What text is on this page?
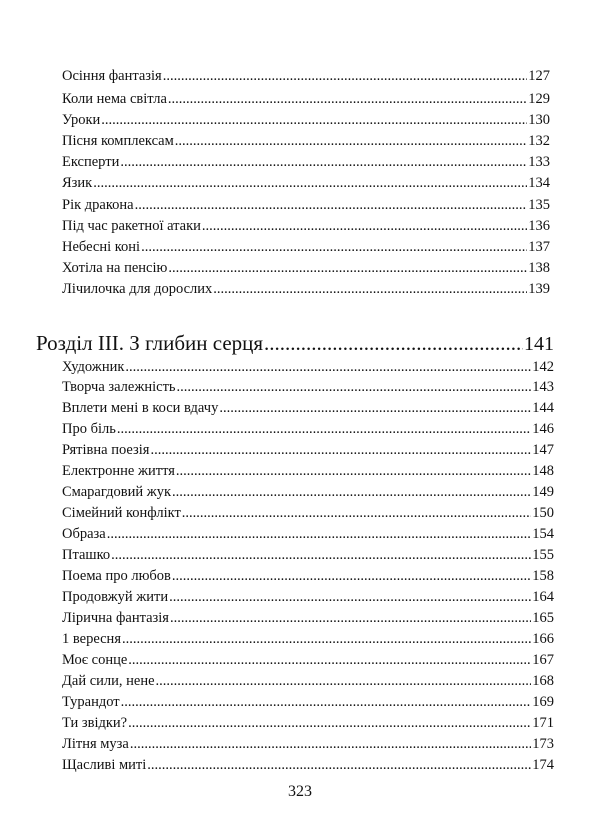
Осіння фантазія .....	127
Коли нема світла .....	129
Уроки .....	130
Пісня комплексам .....	132
Експерти .....	133
Язик .....	134
Рік дракона .....	135
Під час ракетної атаки .....	136
Небесні коні .....	137
Хотіла на пенсію .....	138
Лічилочка для дорослих .....	139
Розділ ІІІ. З глибин серця .....	141
Художник .....	142
Творча залежність .....	143
Вплети мені в коси вдачу .....	144
Про біль .....	146
Рятівна поезія .....	147
Електронне життя .....	148
Смарагдовий жук .....	149
Сімейний конфлікт .....	150
Образа .....	154
Пташко .....	155
Поема про любов .....	158
Продовжуй жити .....	164
Лірична фантазія .....	165
1 вересня .....	166
Моє сонце .....	167
Дай сили, нене .....	168
Турандот .....	169
Ти звідки? .....	171
Літня муза .....	173
Щасливі миті .....	174
323
